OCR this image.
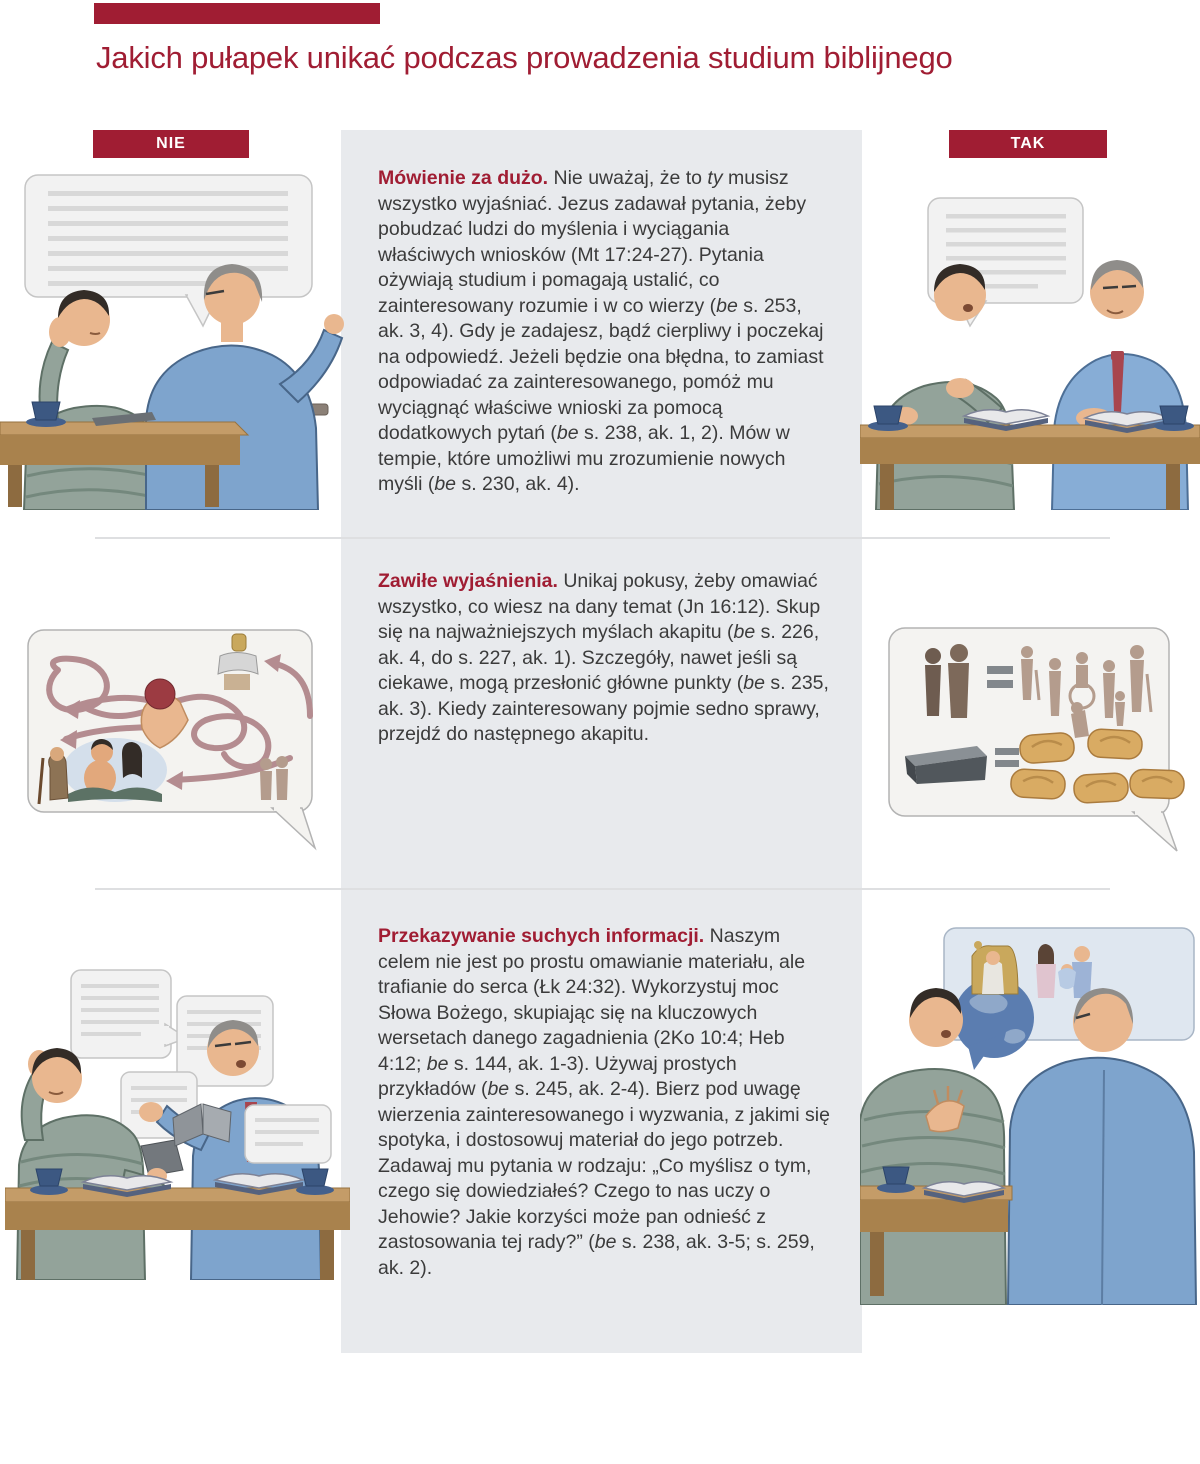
Jakich pułapek unikać podczas prowadzenia studium biblijnego
NIE	TAK

Mówienie za dużo. Nie uważaj, że to ty musisz wszystko wyjaśniać. Jezus zadawał pytania, żeby pobudzać ludzi do myślenia i wyciągania właściwych wniosków (Mt 17:24-27). Pytania ożywiają studium i pomagają ustalić, co zainteresowany rozumie i w co wierzy (be s. 253, ak. 3, 4). Gdy je zadajesz, bądź cierpliwy i poczekaj na odpowiedź. Jeżeli będzie ona błędna, to zamiast odpowiadać za zainteresowanego, pomóż mu wyciągnąć właściwe wnioski za pomocą dodatkowych pytań (be s. 238, ak. 1, 2). Mów w tempie, które umożliwi mu zrozumienie nowych myśli (be s. 230, ak. 4).

Zawiłe wyjaśnienia. Unikaj pokusy, żeby omawiać wszystko, co wiesz na dany temat (Jn 16:12). Skup się na najważniejszych myślach akapitu (be s. 226, ak. 4, do s. 227, ak. 1). Szczegóły, nawet jeśli są ciekawe, mogą przesłonić główne punkty (be s. 235, ak. 3). Kiedy zainteresowany pojmie sedno sprawy, przejdź do następnego akapitu.

Przekazywanie suchych informacji. Naszym celem nie jest po prostu omawianie materiału, ale trafianie do serca (Łk 24:32). Wykorzystuj moc Słowa Bożego, skupiając się na kluczowych wersetach danego zagadnienia (2Ko 10:4; Heb 4:12; be s. 144, ak. 1-3). Używaj prostych przykładów (be s. 245, ak. 2-4). Bierz pod uwagę wierzenia zainteresowanego i wyzwania, z jakimi się spotyka, i dostosowuj materiał do jego potrzeb. Zadawaj mu pytania w rodzaju: „Co myślisz o tym, czego się dowiedziałeś? Czego to nas uczy o Jehowie? Jakie korzyści może pan odnieść z zastosowania tej rady?” (be s. 238, ak. 3-5; s. 259, ak. 2).
